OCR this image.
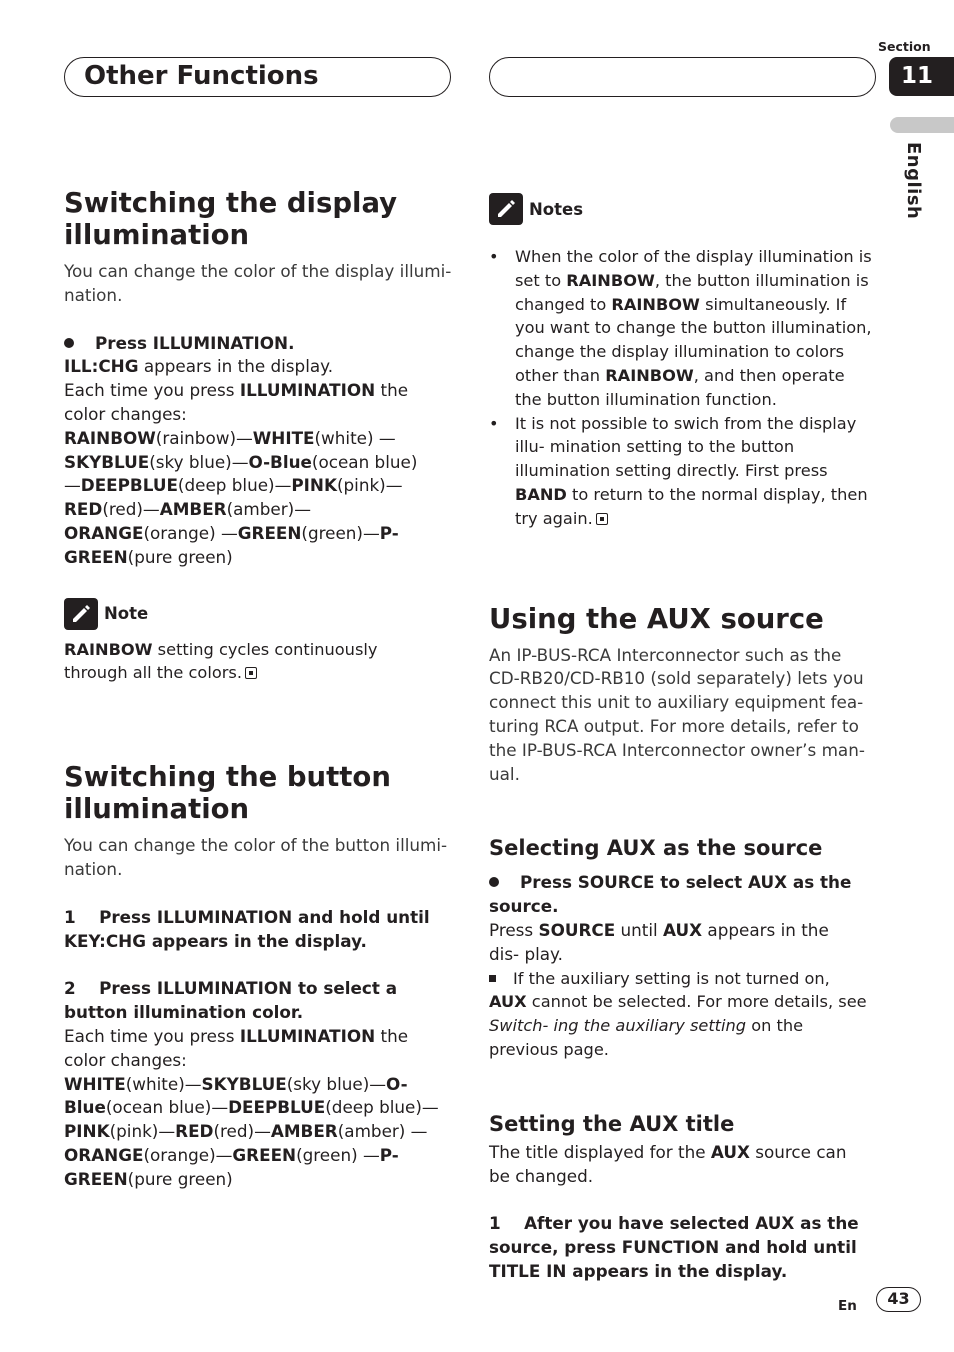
Other Functions
Section
11
English
Switching the display illumination

You can change the color of the display illumi- nation.

Press ILLUMINATION.

ILL:CHG appears in the display.

Each time you press ILLUMINATION the color changes:

RAINBOW(rainbow)—WHITE(white) —SKYBLUE(sky blue)—O-Blue(ocean blue) —DEEPBLUE(deep blue)—PINK(pink)—RED(red)—AMBER(amber)—ORANGE(orange) —GREEN(green)—P-GREEN(pure green)

Note

RAINBOW setting cycles continuously through all the colors.

Switching the button illumination

You can change the color of the button illumi- nation.

1 Press ILLUMINATION and hold until KEY:CHG appears in the display.

2 Press ILLUMINATION to select a button illumination color.

Each time you press ILLUMINATION the color changes:

WHITE(white)—SKYBLUE(sky blue)—O-Blue(ocean blue)—DEEPBLUE(deep blue)—PINK(pink)—RED(red)—AMBER(amber) —ORANGE(orange)—GREEN(green) —P-GREEN(pure green)

Notes

• When the color of the display illumination is set to RAINBOW, the button illumination is changed to RAINBOW simultaneously. If you want to change the button illumination, change the display illumination to colors other than RAINBOW, and then operate the button illumination function.

• It is not possible to swich from the display illu- mination setting to the button illumination setting directly. First press BAND to return to the normal display, then try again.

Using the AUX source

An IP-BUS-RCA Interconnector such as the CD-RB20/CD-RB10 (sold separately) lets you connect this unit to auxiliary equipment fea- turing RCA output. For more details, refer to the IP-BUS-RCA Interconnector owner’s man- ual.

Selecting AUX as the source

Press SOURCE to select AUX as the source.

Press SOURCE until AUX appears in the dis- play.

If the auxiliary setting is not turned on, AUX cannot be selected. For more details, see Switch- ing the auxiliary setting on the previous page.

Setting the AUX title

The title displayed for the AUX source can be changed.

1 After you have selected AUX as the source, press FUNCTION and hold until TITLE IN appears in the display.

En	43
